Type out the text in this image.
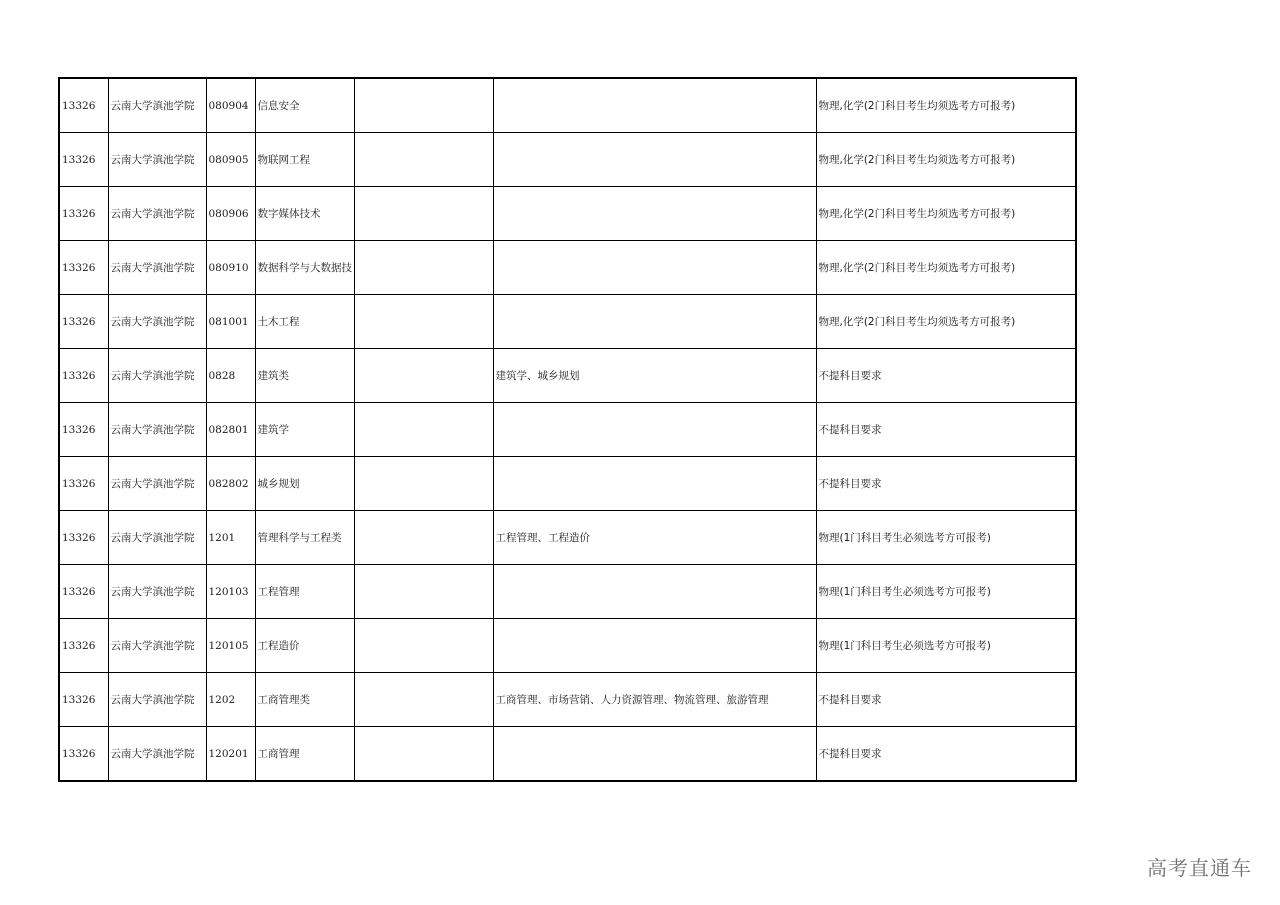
13326	云南大学滇池学院	080904	信息安全			物理,化学(2门科目考生均须选考方可报考)
13326	云南大学滇池学院	080905	物联网工程			物理,化学(2门科目考生均须选考方可报考)
13326	云南大学滇池学院	080906	数字媒体技术			物理,化学(2门科目考生均须选考方可报考)
13326	云南大学滇池学院	080910	数据科学与大数据技			物理,化学(2门科目考生均须选考方可报考)
13326	云南大学滇池学院	081001	土木工程			物理,化学(2门科目考生均须选考方可报考)
13326	云南大学滇池学院	0828	建筑类		建筑学、城乡规划	不提科目要求
13326	云南大学滇池学院	082801	建筑学			不提科目要求
13326	云南大学滇池学院	082802	城乡规划			不提科目要求
13326	云南大学滇池学院	1201	管理科学与工程类		工程管理、工程造价	物理(1门科目考生必须选考方可报考)
13326	云南大学滇池学院	120103	工程管理			物理(1门科目考生必须选考方可报考)
13326	云南大学滇池学院	120105	工程造价			物理(1门科目考生必须选考方可报考)
13326	云南大学滇池学院	1202	工商管理类		工商管理、市场营销、人力资源管理、物流管理、旅游管理	不提科目要求
13326	云南大学滇池学院	120201	工商管理			不提科目要求
高考直通车
